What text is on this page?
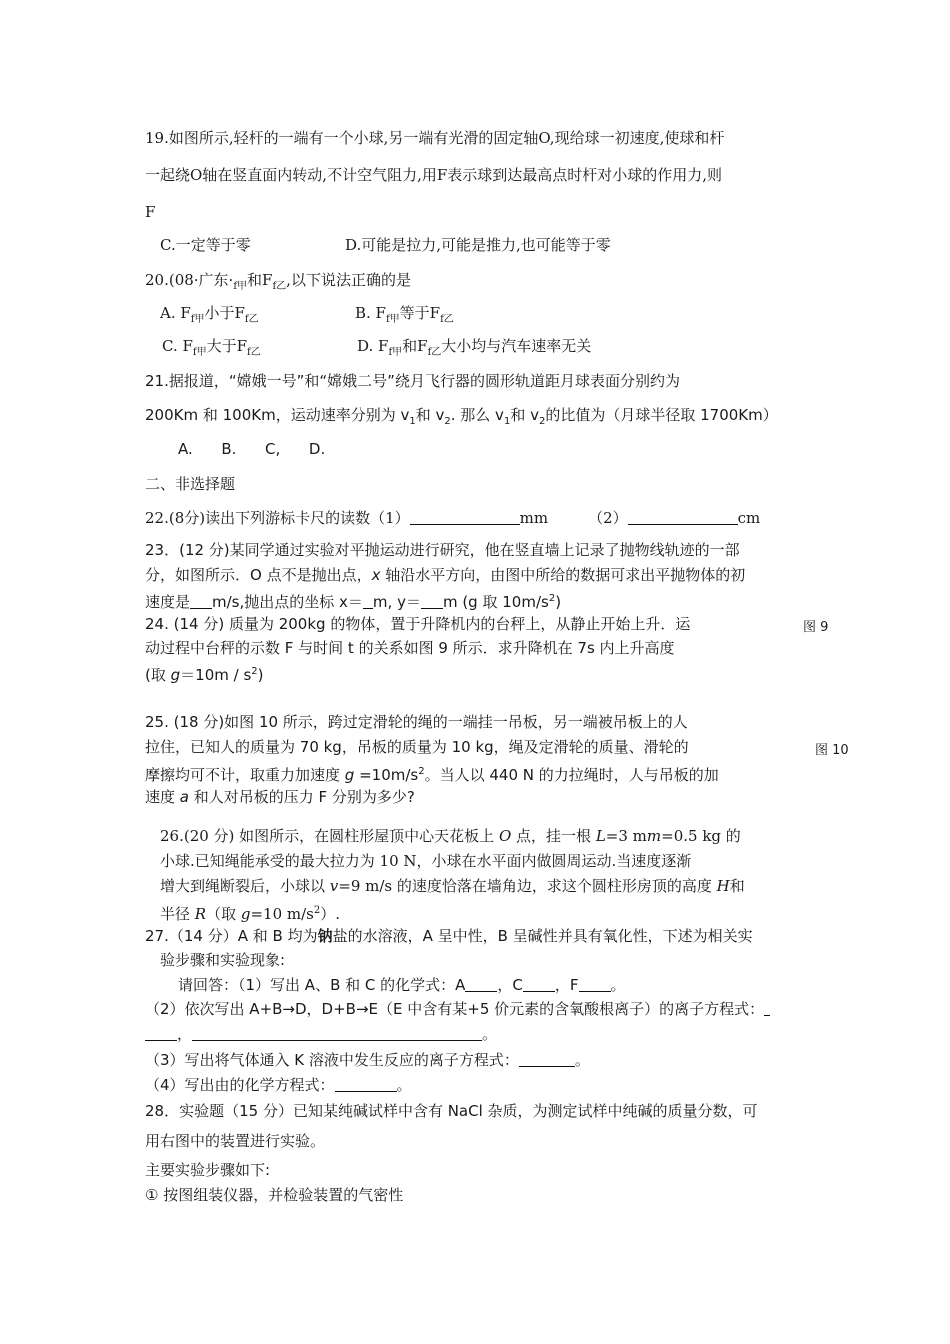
19.如图所示,轻杆的一端有一个小球,另一端有光滑的固定轴O,现给球一初速度,使球和杆
一起绕O轴在竖直面内转动,不计空气阻力,用F表示球到达最高点时杆对小球的作用力,则
F
C.一定等于零	D.可能是拉力,可能是推力,也可能等于零
20.(08·广东$\cdot_{f甲}$和$F_{f乙}$,以下说法正确的是
A. $F_{f甲}$小于$F_{f乙}$	B. $F_{f甲}$等于$F_{f乙}$
C. $F_{f甲}$大于$F_{f乙}$	D. $F_{f甲}$和$F_{f乙}$大小均与汽车速率无关
21.据报道，“嫦娥一号”和“嫦娥二号”绕月飞行器的圆形轨道距月球表面分别约为
200Km 和 100Km，运动速率分别为 $v_1$和 $v_2$. 那么 $v_1$和 $v_2$的比值为（月球半径取 1700Km）
A.      B.      C,      D.
二、非选择题
22.(8分)读出下列游标卡尺的读数（1）	mm	（2）	cm
23．(12 分)某同学通过实验对平抛运动进行研究，他在竖直墙上记录了抛物线轨迹的一部
分，如图所示．O 点不是抛出点，x 轴沿水平方向，由图中所给的数据可求出平抛物体的初
速度是 m/s,抛出点的坐标 x＝ m, y＝ m (g 取 $10m/s^2$)
24. (14 分) 质量为 200kg 的物体，置于升降机内的台秤上，从静止开始上升．运
动过程中台秤的示数 F 与时间 t 的关系如图 9 所示．求升降机在 7s 内上升高度
(取 $g=10m / s^2$)
图 9
25. (18 分)如图 10 所示，跨过定滑轮的绳的一端挂一吊板，另一端被吊板上的人
拉住，已知人的质量为 70 kg，吊板的质量为 10 kg，绳及定滑轮的质量、滑轮的
摩擦均可不计，取重力加速度 $g =10m/s^2$。当人以 440 N 的力拉绳时，人与吊板的加
速度 a 和人对吊板的压力 F 分别为多少?
图 10
26.(20 分) 如图所示，在圆柱形屋顶中心天花板上 O 点，挂一根 L=3 mm=0.5 kg 的
小球.已知绳能承受的最大拉力为 10 N，小球在水平面内做圆周运动.当速度逐渐
增大到绳断裂后，小球以 v=9 m/s 的速度恰落在墙角边，求这个圆柱形房顶的高度 H和
半径 R（取 g=10 $m/s^2$）.
27.（14 分）A 和 B 均为钠盐的水溶液，A 呈中性，B 呈碱性并具有氧化性，下述为相关实
验步骤和实验现象:
请回答：（1）写出 A、B 和 C 的化学式：A ，C ，F 。
（2）依次写出 A+B→D，D+B→E（E 中含有某+5 价元素的含氧酸根离子）的离子方程式：
，	。
（3）写出将气体通入 K 溶液中发生反应的离子方程式：	。
（4）写出由的化学方程式：	。
28．实验题（15 分）已知某纯碱试样中含有 NaCl 杂质，为测定试样中纯碱的质量分数，可
用右图中的装置进行实验。
主要实验步骤如下:
① 按图组装仪器，并检验装置的气密性
